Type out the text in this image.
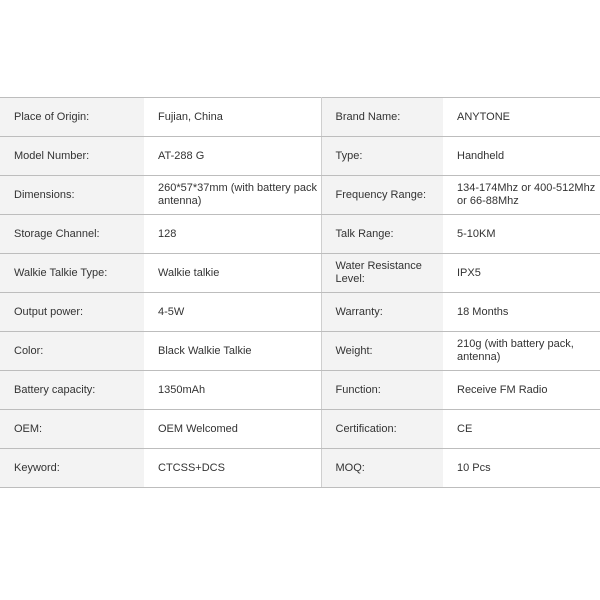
Place of Origin:	Fujian, China	Brand Name:	ANYTONE
Model Number:	AT-288 G	Type:	Handheld
Dimensions:	260*57*37mm (with battery pack antenna)	Frequency Range:	134-174Mhz or 400-512Mhz or 66-88Mhz
Storage Channel:	128	Talk Range:	5-10KM
Walkie Talkie Type:	Walkie talkie	Water Resistance Level:	IPX5
Output power:	4-5W	Warranty:	18 Months
Color:	Black Walkie Talkie	Weight:	210g (with battery pack, antenna)
Battery capacity:	1350mAh	Function:	Receive FM Radio
OEM:	OEM Welcomed	Certification:	CE
Keyword:	CTCSS+DCS	MOQ:	10 Pcs
